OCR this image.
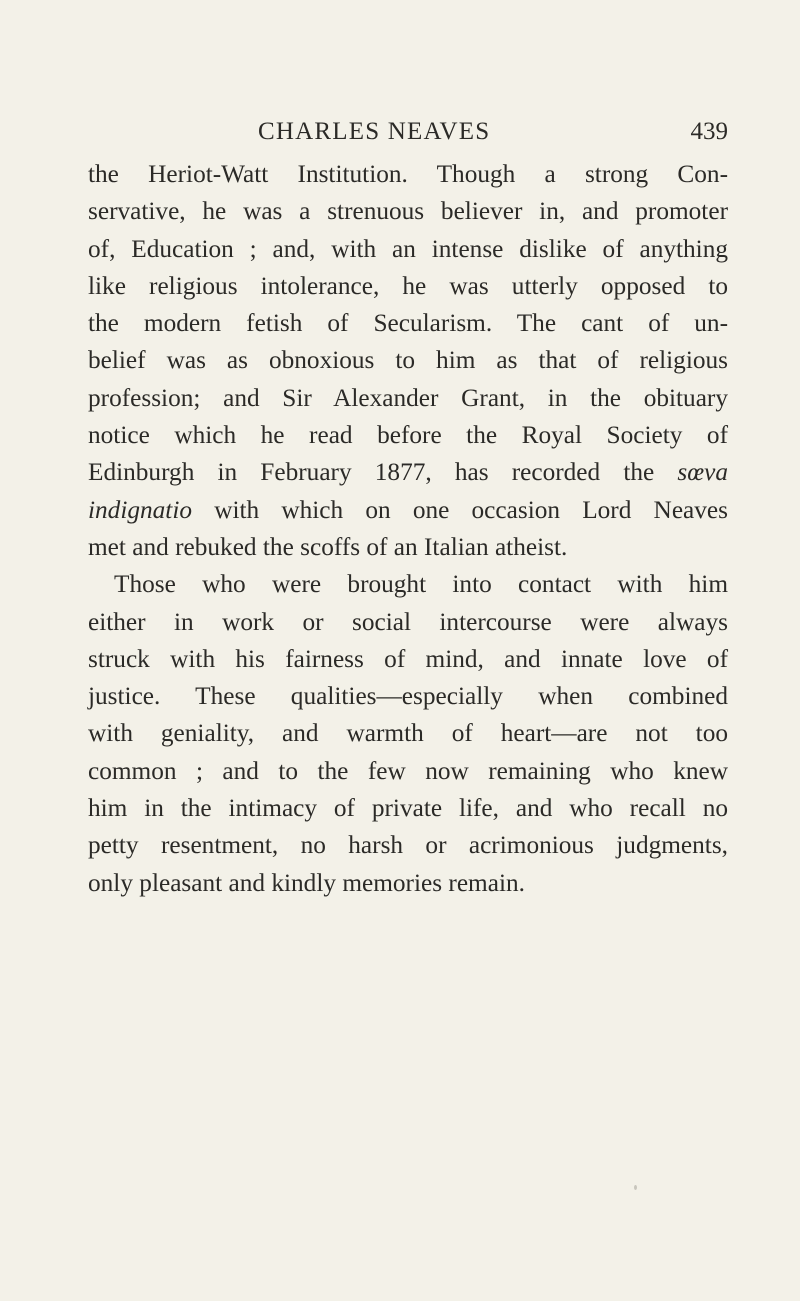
CHARLES NEAVES	439
the Heriot-Watt Institution. Though a strong Con-
servative, he was a strenuous believer in, and promoter
of, Education ; and, with an intense dislike of anything
like religious intolerance, he was utterly opposed to
the modern fetish of Secularism. The cant of un-
belief was as obnoxious to him as that of religious
profession; and Sir Alexander Grant, in the obituary
notice which he read before the Royal Society of
Edinburgh in February 1877, has recorded the sœva
indignatio with which on one occasion Lord Neaves
met and rebuked the scoffs of an Italian atheist.
Those who were brought into contact with him
either in work or social intercourse were always
struck with his fairness of mind, and innate love of
justice. These qualities—especially when combined
with geniality, and warmth of heart—are not too
common ; and to the few now remaining who knew
him in the intimacy of private life, and who recall no
petty resentment, no harsh or acrimonious judgments,
only pleasant and kindly memories remain.
